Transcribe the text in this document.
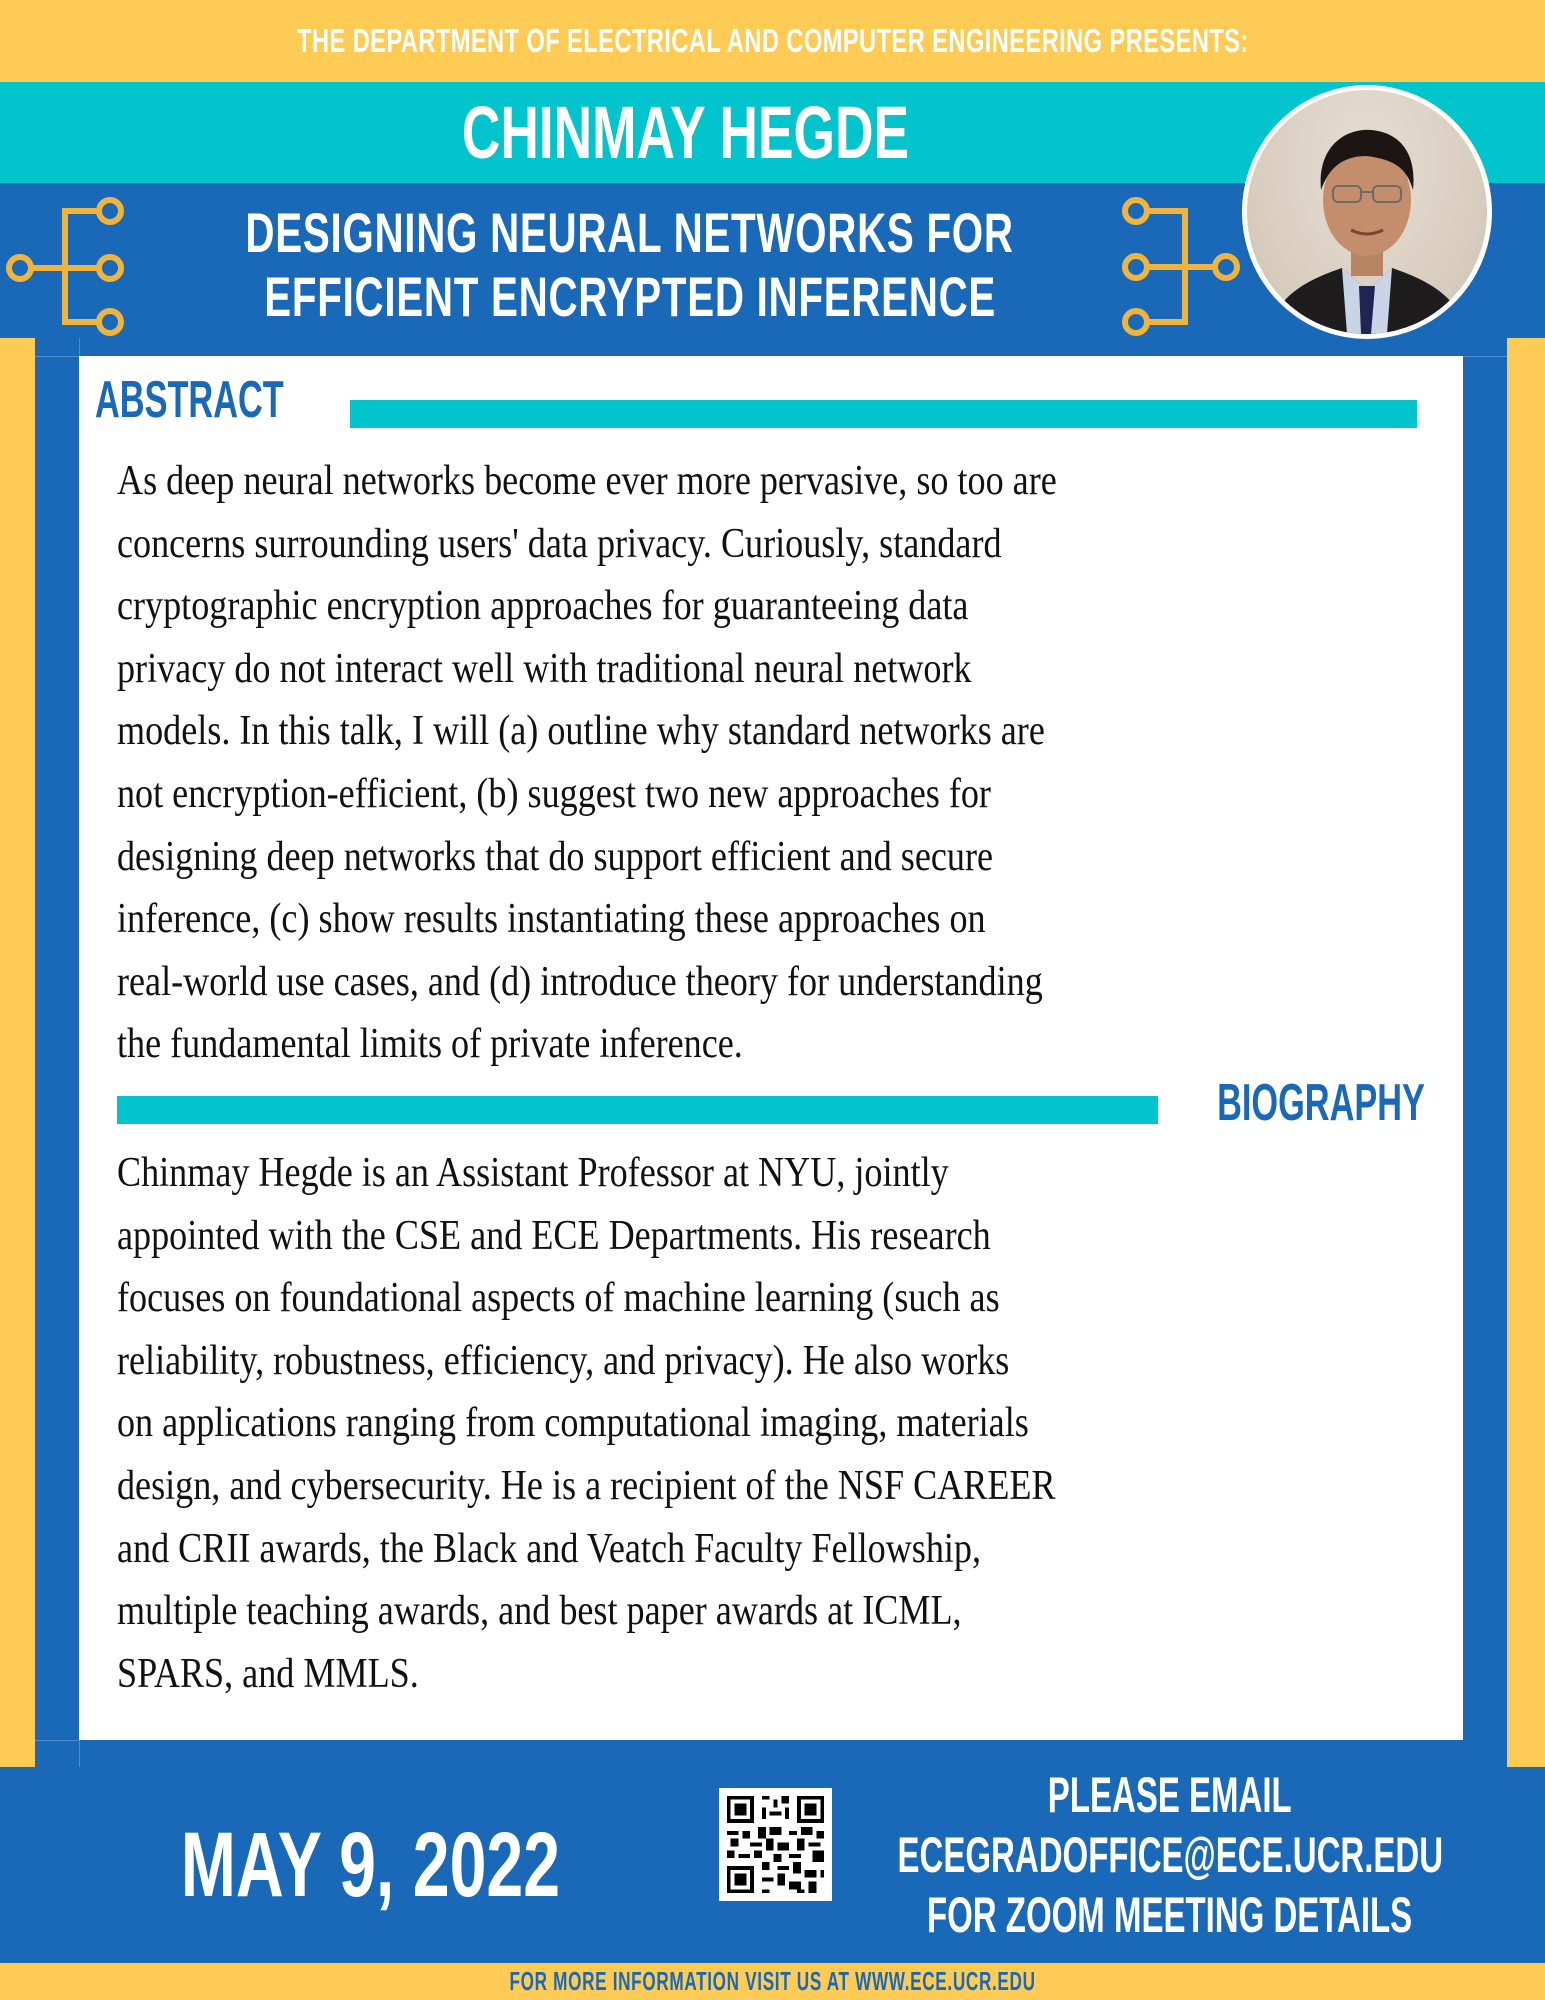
THE DEPARTMENT OF ELECTRICAL AND COMPUTER ENGINEERING PRESENTS:
CHINMAY HEGDE
DESIGNING NEURAL NETWORKS FOR
EFFICIENT ENCRYPTED INFERENCE
ABSTRACT
As deep neural networks become ever more pervasive, so too are
concerns surrounding users' data privacy. Curiously, standard
cryptographic encryption approaches for guaranteeing data
privacy do not interact well with traditional neural network
models. In this talk, I will (a) outline why standard networks are
not encryption-efficient, (b) suggest two new approaches for
designing deep networks that do support efficient and secure
inference, (c) show results instantiating these approaches on
real-world use cases, and (d) introduce theory for understanding
the fundamental limits of private inference.
BIOGRAPHY
Chinmay Hegde is an Assistant Professor at NYU, jointly
appointed with the CSE and ECE Departments. His research
focuses on foundational aspects of machine learning (such as
reliability, robustness, efficiency, and privacy). He also works
on applications ranging from computational imaging, materials
design, and cybersecurity. He is a recipient of the NSF CAREER
and CRII awards, the Black and Veatch Faculty Fellowship,
multiple teaching awards, and best paper awards at ICML,
SPARS, and MMLS.
MAY 9, 2022
PLEASE EMAIL
ECEGRADOFFICE@ECE.UCR.EDU
FOR ZOOM MEETING DETAILS
FOR MORE INFORMATION VISIT US AT WWW.ECE.UCR.EDU
